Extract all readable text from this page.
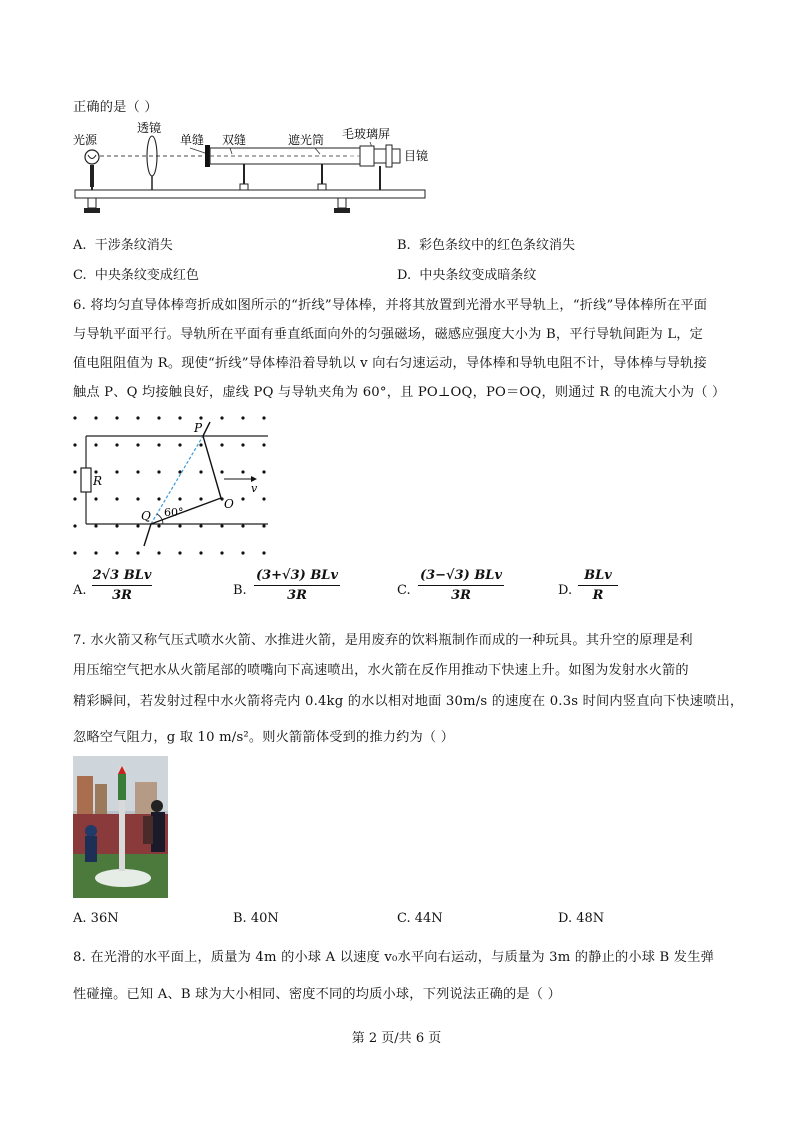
正确的是（ ）
光源
透镜
单缝 双缝	遮光筒 毛玻璃屏
目镜
A. 干涉条纹消失	B. 彩色条纹中的红色条纹消失
C. 中央条纹变成红色	D. 中央条纹变成暗条纹
6. 将均匀直导体棒弯折成如图所示的“折线”导体棒，并将其放置到光滑水平导轨上，“折线”导体棒所在平面
与导轨平面平行。导轨所在平面有垂直纸面向外的匀强磁场，磁感应强度大小为 B，平行导轨间距为 L，定
值电阻阻值为 R。现使“折线”导体棒沿着导轨以 v 向右匀速运动，导体棒和导轨电阻不计，导体棒与导轨接
触点 P、Q 均接触良好，虚线 PQ 与导轨夹角为 60°，且 PO⊥OQ，PO＝OQ，则通过 R 的电流大小为（ ）
R
60°
P
Q
O
v
A.
2√3 BLv
3R	B.
(3+√3) BLv
3R	C.
(3−√3) BLv
3R	D.
BLv
R
7. 水火箭又称气压式喷水火箭、水推进火箭，是用废弃的饮料瓶制作而成的一种玩具。其升空的原理是利
用压缩空气把水从火箭尾部的喷嘴向下高速喷出，水火箭在反作用推动下快速上升。如图为发射水火箭的
精彩瞬间，若发射过程中水火箭将壳内 0.4kg 的水以相对地面 30m/s 的速度在 0.3s 时间内竖直向下快速喷出，
忽略空气阻力，g 取 10 m/s²。则火箭箭体受到的推力约为（ ）
A. 36N	B. 40N	C. 44N	D. 48N
8. 在光滑的水平面上，质量为 4m 的小球 A 以速度 v₀水平向右运动，与质量为 3m 的静止的小球 B 发生弹
性碰撞。已知 A、B 球为大小相同、密度不同的均质小球，下列说法正确的是（ ）
第 2 页/共 6 页
